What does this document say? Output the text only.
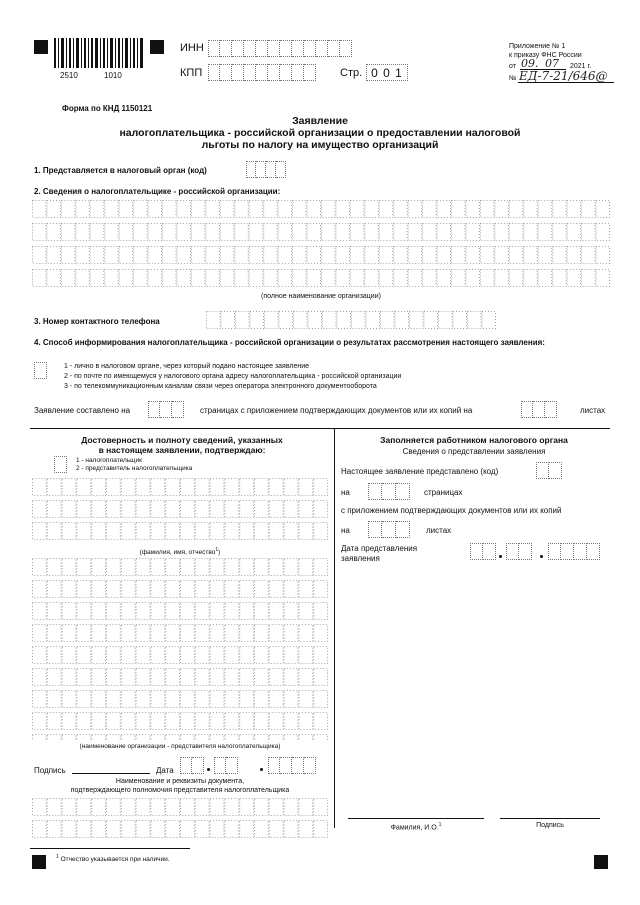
2510	1010
ИНН
КПП	Стр. 0 0 1
Приложение № 1
к приказу ФНС России
от 09. 07 2021 г.
№ ЕД-7-21/646@
Форма по КНД 1150121
Заявление
налогоплательщика - российской организации о предоставлении налоговой
льготы по налогу на имущество организаций
1. Представляется в налоговый орган (код)
2. Сведения о налогоплательщике - российской организации:
(полное наименование организации)
3. Номер контактного телефона
4. Способ информирования налогоплательщика - российской организации о результатах рассмотрения настоящего заявления:
1 - лично в налоговом органе, через который подано настоящее заявление
2 - по почте по имеющемуся у налогового органа адресу налогоплательщика - российской организации
3 - по телекоммуникационным каналам связи через оператора электронного документооборота
Заявление составлено на	страницах с приложением подтверждающих документов или их копий на	листах
Достоверность и полноту сведений, указанных
в настоящем заявлении, подтверждаю:
1 - налогоплательщик
2 - представитель налогоплательщика
(фамилия, имя, отчество$^1$)
(наименование организации - представителя налогоплательщика)
Подпись	Дата
Наименование и реквизиты документа,
подтверждающего полномочия представителя налогоплательщика
Заполняется работником налогового органа
Сведения о представлении заявления
Настоящее заявление представлено (код)
на	страницах
с приложением подтверждающих документов или их копий
на	листах
Дата представления
заявления
Фамилия, И.О.$^1$	Подпись
$^1$ Отчество указывается при наличии.
